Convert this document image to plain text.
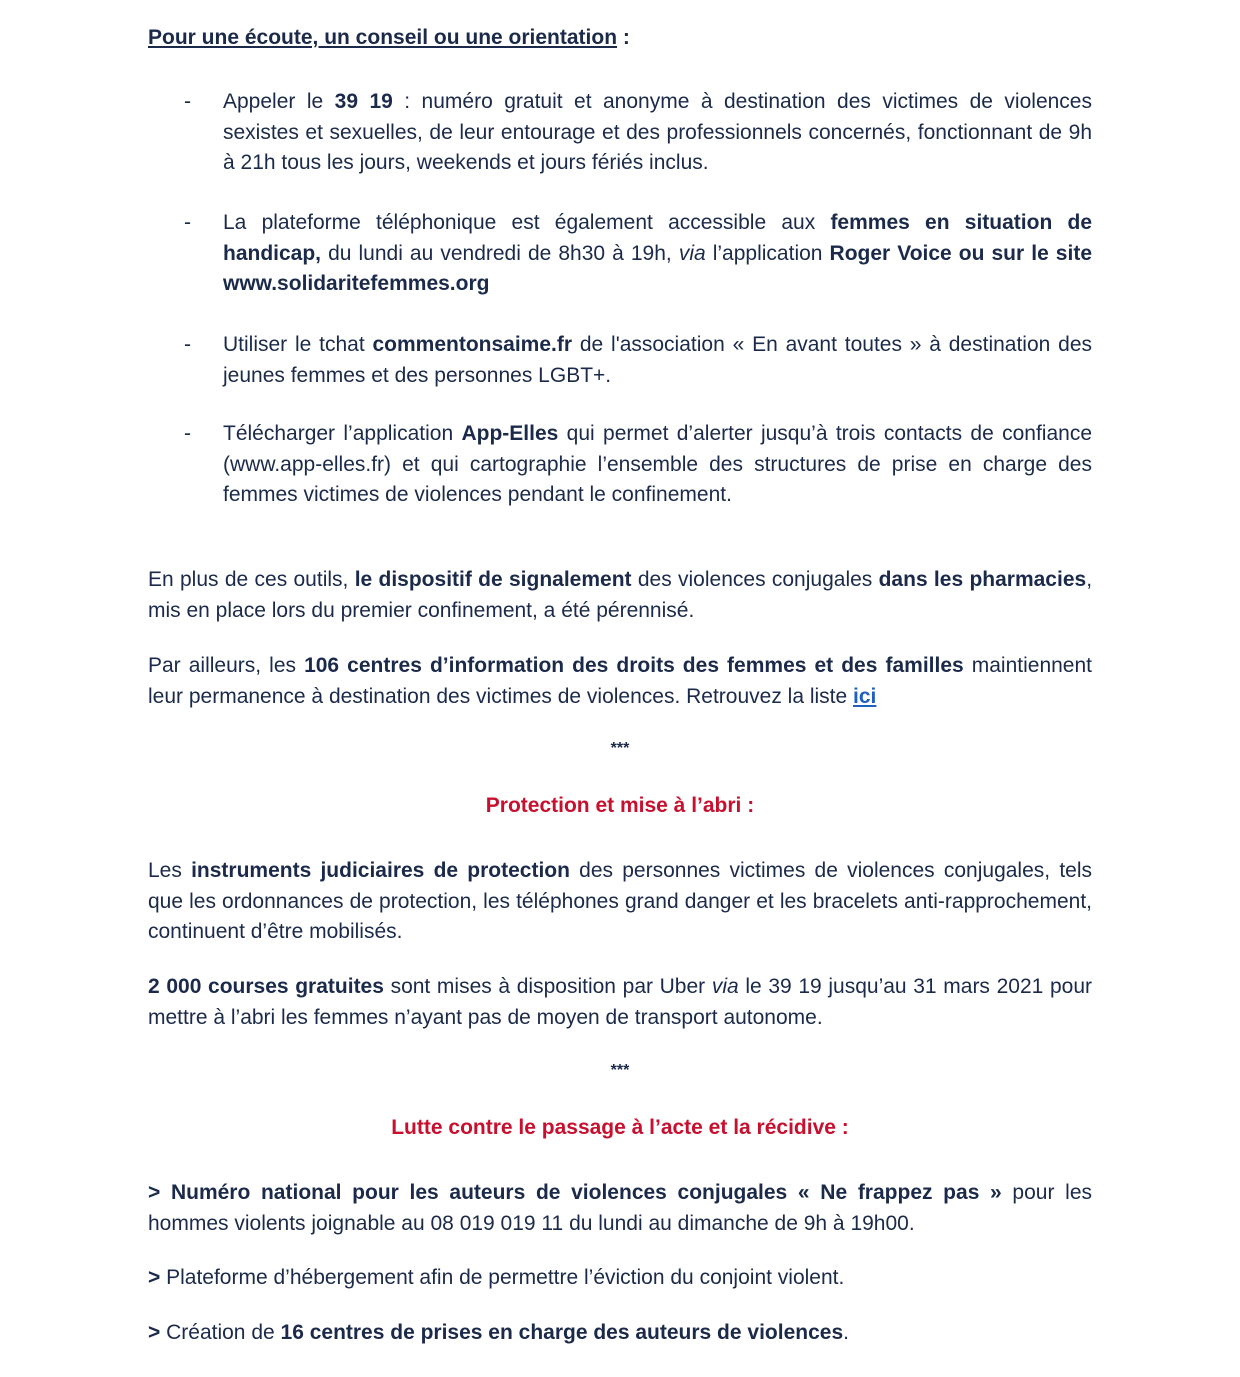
Pour une écoute, un conseil ou une orientation :

- Appeler le 39 19 : numéro gratuit et anonyme à destination des victimes de violences sexistes et sexuelles, de leur entourage et des professionnels concernés, fonctionnant de 9h à 21h tous les jours, weekends et jours fériés inclus.

- La plateforme téléphonique est également accessible aux femmes en situation de handicap, du lundi au vendredi de 8h30 à 19h, via l’application Roger Voice ou sur le site www.solidaritefemmes.org

- Utiliser le tchat commentonsaime.fr de l'association « En avant toutes » à destination des jeunes femmes et des personnes LGBT+.

- Télécharger l’application App-Elles qui permet d’alerter jusqu’à trois contacts de confiance (www.app-elles.fr) et qui cartographie l’ensemble des structures de prise en charge des femmes victimes de violences pendant le confinement.

En plus de ces outils, le dispositif de signalement des violences conjugales dans les pharmacies, mis en place lors du premier confinement, a été pérennisé.

Par ailleurs, les 106 centres d’information des droits des femmes et des familles maintiennent leur permanence à destination des victimes de violences. Retrouvez la liste ici

***

Protection et mise à l’abri :

Les instruments judiciaires de protection des personnes victimes de violences conjugales, tels que les ordonnances de protection, les téléphones grand danger et les bracelets anti-rapprochement, continuent d’être mobilisés.

2 000 courses gratuites sont mises à disposition par Uber via le 39 19 jusqu’au 31 mars 2021 pour mettre à l’abri les femmes n’ayant pas de moyen de transport autonome.

***

Lutte contre le passage à l’acte et la récidive :

> Numéro national pour les auteurs de violences conjugales « Ne frappez pas » pour les hommes violents joignable au 08 019 019 11 du lundi au dimanche de 9h à 19h00.

> Plateforme d’hébergement afin de permettre l’éviction du conjoint violent.

> Création de 16 centres de prises en charge des auteurs de violences.
